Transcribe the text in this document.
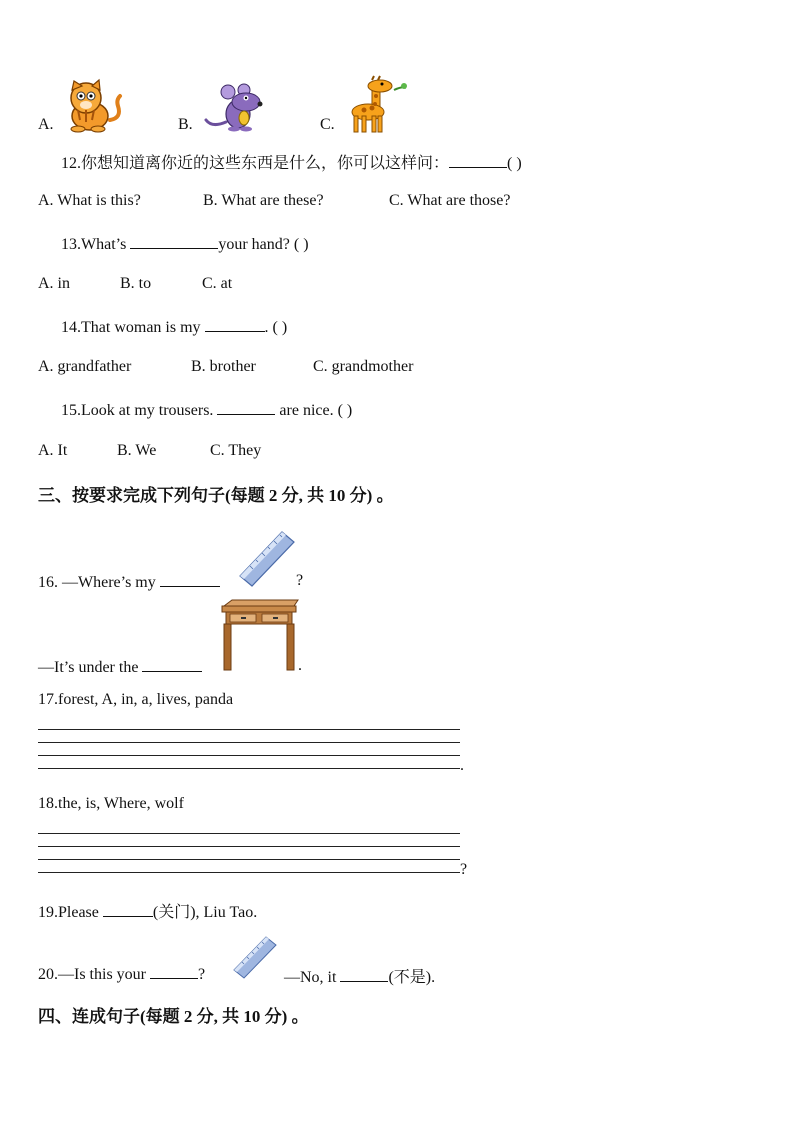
A.	B.	C.
12.你想知道离你近的这些东西是什么，你可以这样问：	( )
A. What is this?	B. What are these?	C. What are those?
13.What’s	your hand? ( )
A. in	B. to	C. at
14.That woman is my	. ( )
A. grandfather	B. brother	C. grandmother
15.Look at my trousers.	are nice. ( )
A. It	B. We	C. They
三、按要求完成下列句子(每题 2 分, 共 10 分) 。
16. —Where’s my	?
—It’s under the	.
17.forest, A, in, a, lives, panda
.
18.the, is, Where, wolf
?
19.Please	(关门), Liu Tao.
20.—Is this your	?	—No, it	(不是).
四、连成句子(每题 2 分, 共 10 分) 。
